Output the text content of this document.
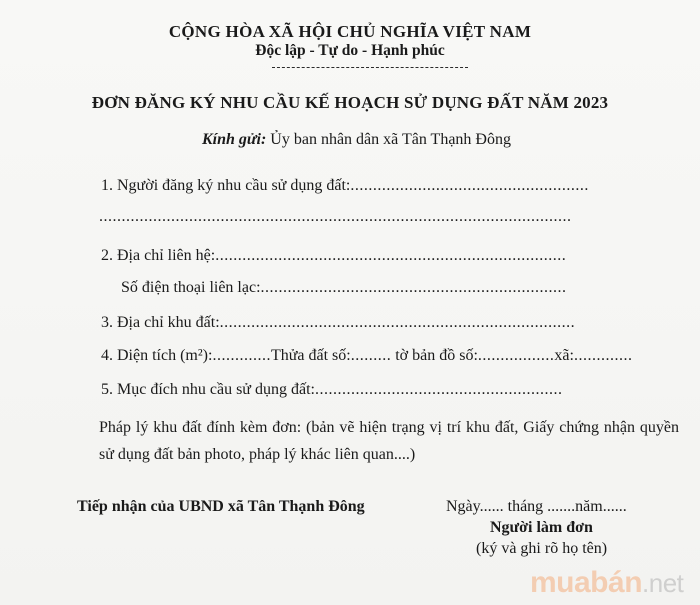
CỘNG HÒA XÃ HỘI CHỦ NGHĨA VIỆT NAM
Độc lập - Tự do - Hạnh phúc
ĐƠN ĐĂNG KÝ NHU CẦU KẾ HOẠCH SỬ DỤNG ĐẤT NĂM 2023
Kính gửi: Ủy ban nhân dân xã Tân Thạnh Đông
1. Người đăng ký nhu cầu sử dụng đất:.....................................................
.........................................................................................................
2. Địa chỉ liên hệ:..............................................................................
Số điện thoại liên lạc:....................................................................
3. Địa chỉ khu đất:...............................................................................
4. Diện tích (m²):.............Thửa đất số:......... tờ bản đồ số:.................xã:.............
5. Mục đích nhu cầu sử dụng đất:.......................................................
Pháp lý khu đất đính kèm đơn: (bản vẽ hiện trạng vị trí khu đất, Giấy chứng nhận quyền sử dụng đất bản photo, pháp lý khác liên quan....)
Tiếp nhận của UBND xã Tân Thạnh Đông	Ngày...... tháng .......năm......
Người làm đơn
(ký và ghi rõ họ tên)
muabán.net
